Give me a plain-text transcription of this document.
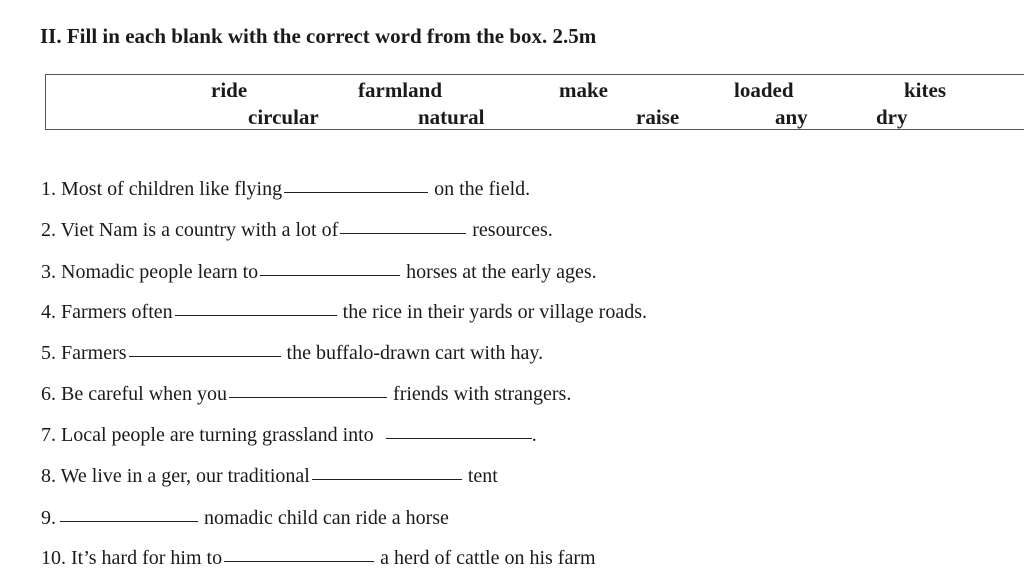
II. Fill in each blank with the correct word from the box. 2.5m
ride	farmland	make	loaded	kites
circular	natural	raise	any	dry
1. Most of children like flying	on the field.
2. Viet Nam is a country with a lot of	resources.
3. Nomadic people learn to	horses at the early ages.
4. Farmers often	the rice in their yards or village roads.
5. Farmers	the buffalo-drawn cart with hay.
6. Be careful when you	friends with strangers.
7. Local people are turning grassland into	.
8. We live in a ger, our traditional	tent
9.	nomadic child can ride a horse
10. It’s hard for him to	a herd of cattle on his farm
